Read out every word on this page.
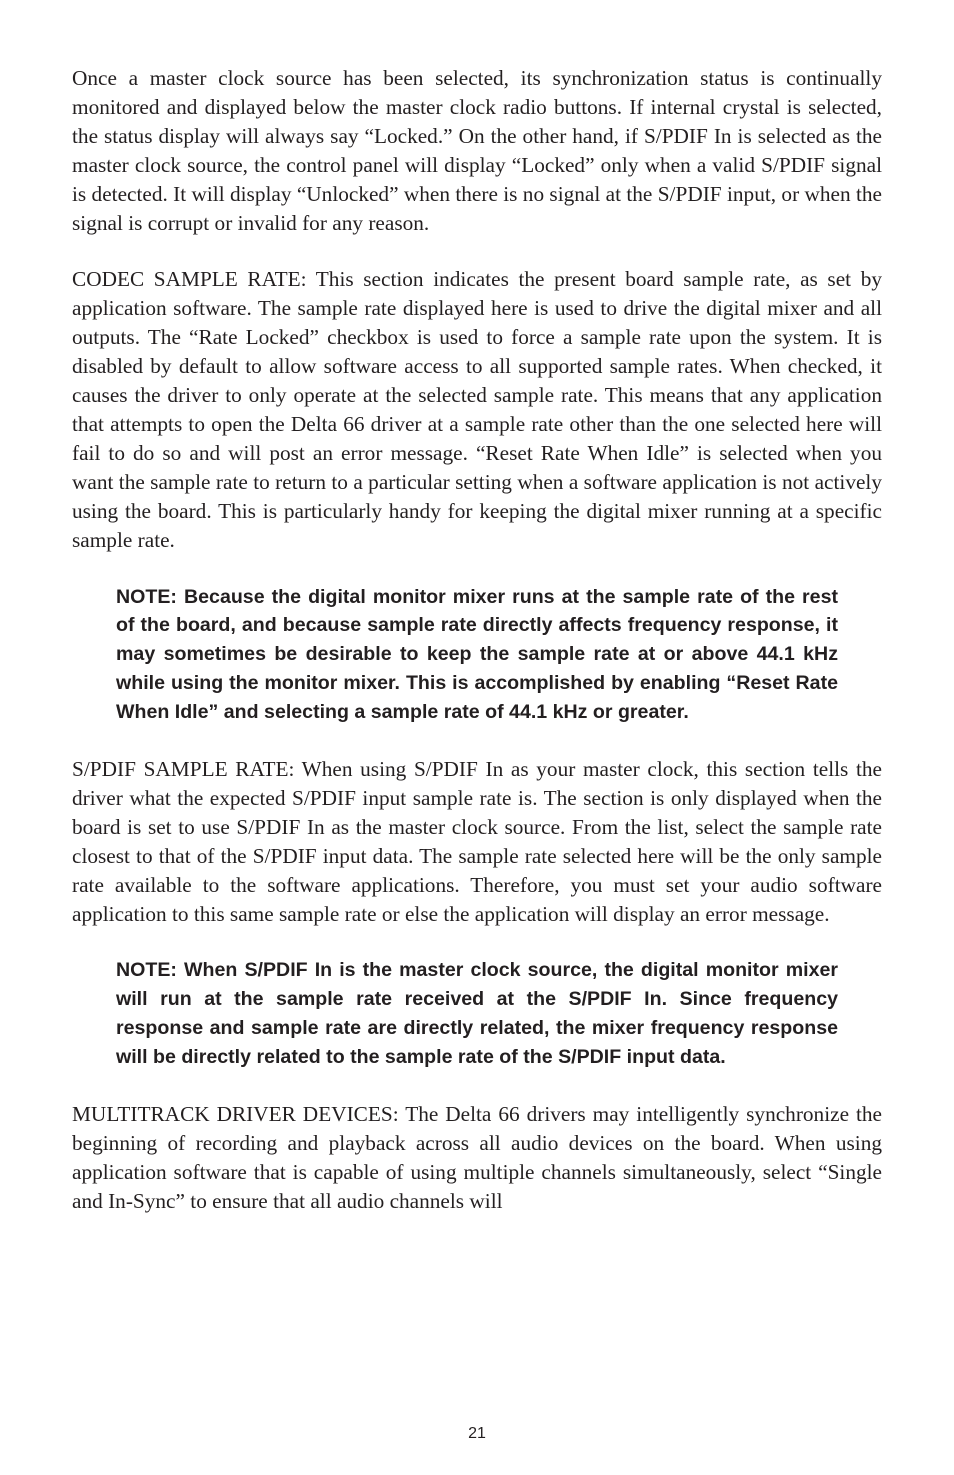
Once a master clock source has been selected, its synchronization status is continually monitored and displayed below the master clock radio buttons. If internal crystal is selected, the status display will always say “Locked.” On the other hand, if S/PDIF In is selected as the master clock source, the control panel will display “Locked” only when a valid S/PDIF signal is detected. It will display “Unlocked” when there is no signal at the S/PDIF input, or when the signal is corrupt or invalid for any reason.

CODEC SAMPLE RATE: This section indicates the present board sample rate, as set by application software. The sample rate displayed here is used to drive the digital mixer and all outputs. The “Rate Locked” checkbox is used to force a sample rate upon the system. It is disabled by default to allow software access to all supported sample rates. When checked, it causes the driver to only operate at the selected sample rate. This means that any application that attempts to open the Delta 66 driver at a sample rate other than the one selected here will fail to do so and will post an error message. “Reset Rate When Idle” is selected when you want the sample rate to return to a particular setting when a software application is not actively using the board. This is particularly handy for keeping the digital mixer running at a specific sample rate.

NOTE: Because the digital monitor mixer runs at the sample rate of the rest of the board, and because sample rate directly affects frequency response, it may sometimes be desirable to keep the sample rate at or above 44.1 kHz while using the monitor mixer. This is accomplished by enabling “Reset Rate When Idle” and selecting a sample rate of 44.1 kHz or greater.

S/PDIF SAMPLE RATE: When using S/PDIF In as your master clock, this section tells the driver what the expected S/PDIF input sample rate is. The section is only displayed when the board is set to use S/PDIF In as the master clock source. From the list, select the sample rate closest to that of the S/PDIF input data. The sample rate selected here will be the only sample rate available to the software applications. Therefore, you must set your audio software application to this same sample rate or else the application will display an error message.

NOTE: When S/PDIF In is the master clock source, the digital monitor mixer will run at the sample rate received at the S/PDIF In. Since frequency response and sample rate are directly related, the mixer frequency response will be directly related to the sample rate of the S/PDIF input data.

MULTITRACK DRIVER DEVICES: The Delta 66 drivers may intelligently synchronize the beginning of recording and playback across all audio devices on the board. When using application software that is capable of using multiple channels simultaneously, select “Single and In-Sync” to ensure that all audio channels will

21
